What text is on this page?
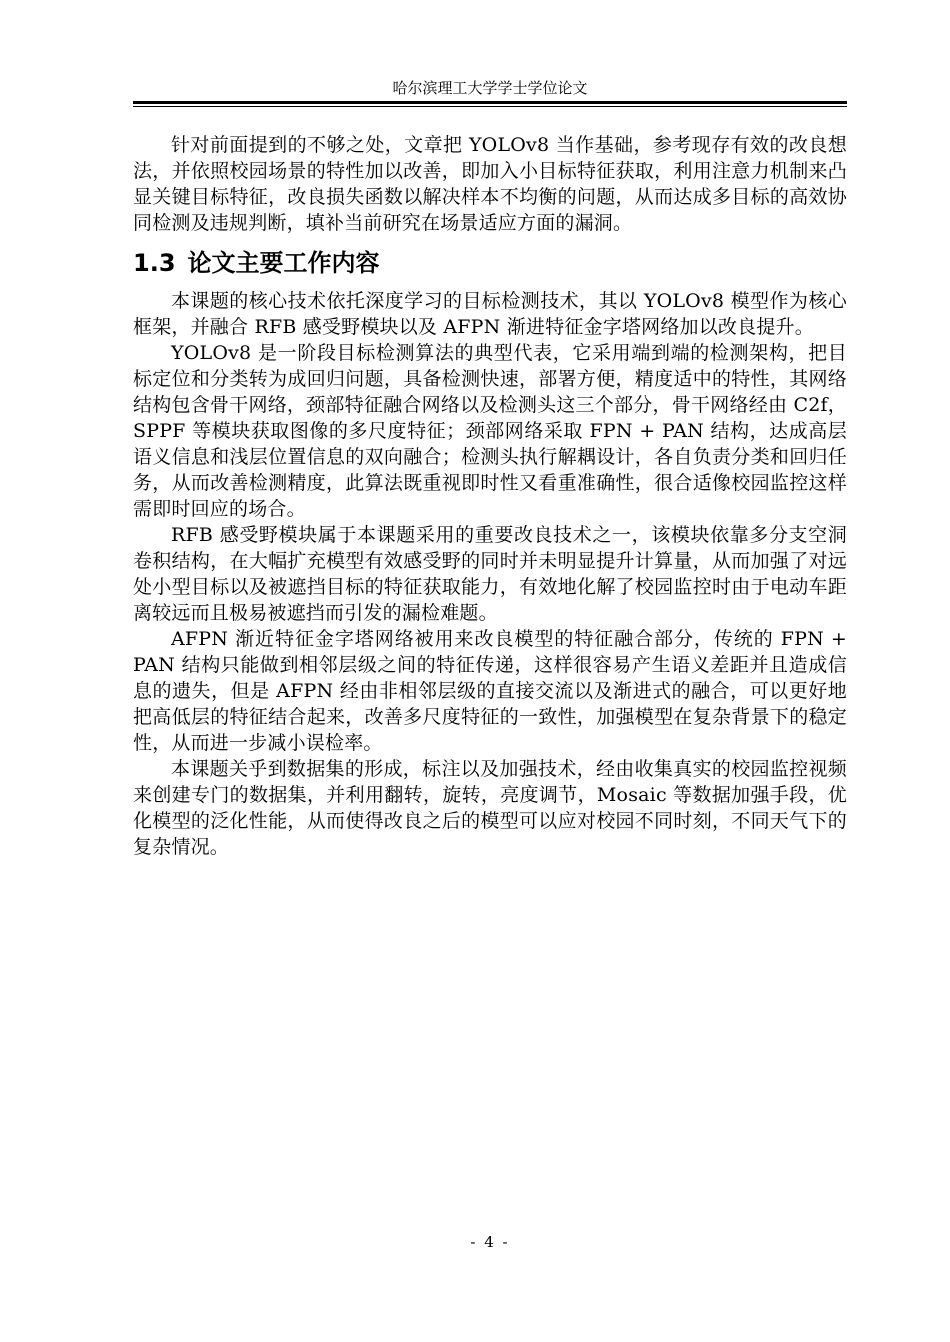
哈尔滨理工大学学士学位论文

针对前面提到的不够之处，文章把 YOLOv8 当作基础，参考现存有效的改良想法，并依照校园场景的特性加以改善，即加入小目标特征获取，利用注意力机制来凸显关键目标特征，改良损失函数以解决样本不均衡的问题，从而达成多目标的高效协同检测及违规判断，填补当前研究在场景适应方面的漏洞。

1.3 论文主要工作内容

本课题的核心技术依托深度学习的目标检测技术，其以 YOLOv8 模型作为核心框架，并融合 RFB 感受野模块以及 AFPN 渐进特征金字塔网络加以改良提升。

YOLOv8 是一阶段目标检测算法的典型代表，它采用端到端的检测架构，把目标定位和分类转为成回归问题，具备检测快速，部署方便，精度适中的特性，其网络结构包含骨干网络，颈部特征融合网络以及检测头这三个部分，骨干网络经由 C2f，SPPF 等模块获取图像的多尺度特征；颈部网络采取 FPN + PAN 结构，达成高层语义信息和浅层位置信息的双向融合；检测头执行解耦设计，各自负责分类和回归任务，从而改善检测精度，此算法既重视即时性又看重准确性，很合适像校园监控这样需即时回应的场合。

RFB 感受野模块属于本课题采用的重要改良技术之一，该模块依靠多分支空洞卷积结构，在大幅扩充模型有效感受野的同时并未明显提升计算量，从而加强了对远处小型目标以及被遮挡目标的特征获取能力，有效地化解了校园监控时由于电动车距离较远而且极易被遮挡而引发的漏检难题。

AFPN 渐近特征金字塔网络被用来改良模型的特征融合部分，传统的 FPN + PAN 结构只能做到相邻层级之间的特征传递，这样很容易产生语义差距并且造成信息的遗失，但是 AFPN 经由非相邻层级的直接交流以及渐进式的融合，可以更好地把高低层的特征结合起来，改善多尺度特征的一致性，加强模型在复杂背景下的稳定性，从而进一步减小误检率。

本课题关乎到数据集的形成，标注以及加强技术，经由收集真实的校园监控视频来创建专门的数据集，并利用翻转，旋转，亮度调节，Mosaic 等数据加强手段，优化模型的泛化性能，从而使得改良之后的模型可以应对校园不同时刻，不同天气下的复杂情况。

- 4 -
